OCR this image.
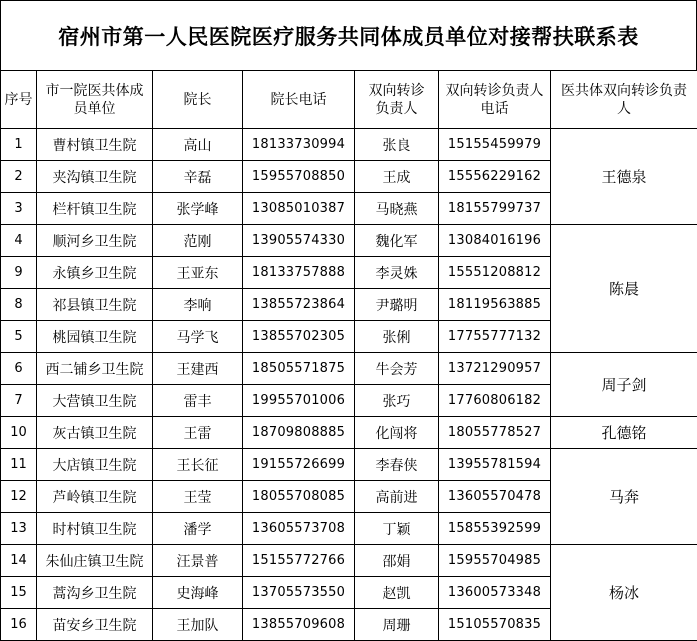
宿州市第一人民医院医疗服务共同体成员单位对接帮扶联系表
序号	市一院医共体成员单位	院长	院长电话	双向转诊负责人	双向转诊负责人电话	医共体双向转诊负责人
1	曹村镇卫生院	高山	18133730994	张良	15155459979	王德泉
2	夹沟镇卫生院	辛磊	15955708850	王成	15556229162	
3	栏杆镇卫生院	张学峰	13085010387	马晓燕	18155799737	
4	顺河乡卫生院	范刚	13905574330	魏化军	13084016196	陈晨
9	永镇乡卫生院	王亚东	18133757888	李灵姝	15551208812	
8	祁县镇卫生院	李响	13855723864	尹璐明	18119563885	
5	桃园镇卫生院	马学飞	13855702305	张俐	17755777132	
6	西二铺乡卫生院	王建西	18505571875	牛会芳	13721290957	周子剑
7	大营镇卫生院	雷丰	19955701006	张巧	17760806182	
10	灰古镇卫生院	王雷	18709808885	化闯将	18055778527	孔德铭
11	大店镇卫生院	王长征	19155726699	李春侠	13955781594	马奔
12	芦岭镇卫生院	王莹	18055708085	高前进	13605570478	
13	时村镇卫生院	潘学	13605573708	丁颖	15855392599	
14	朱仙庄镇卫生院	汪景普	15155772766	邵娟	15955704985	杨冰
15	蒿沟乡卫生院	史海峰	13705573550	赵凯	13600573348	
16	苗安乡卫生院	王加队	13855709608	周珊	15105570835	
